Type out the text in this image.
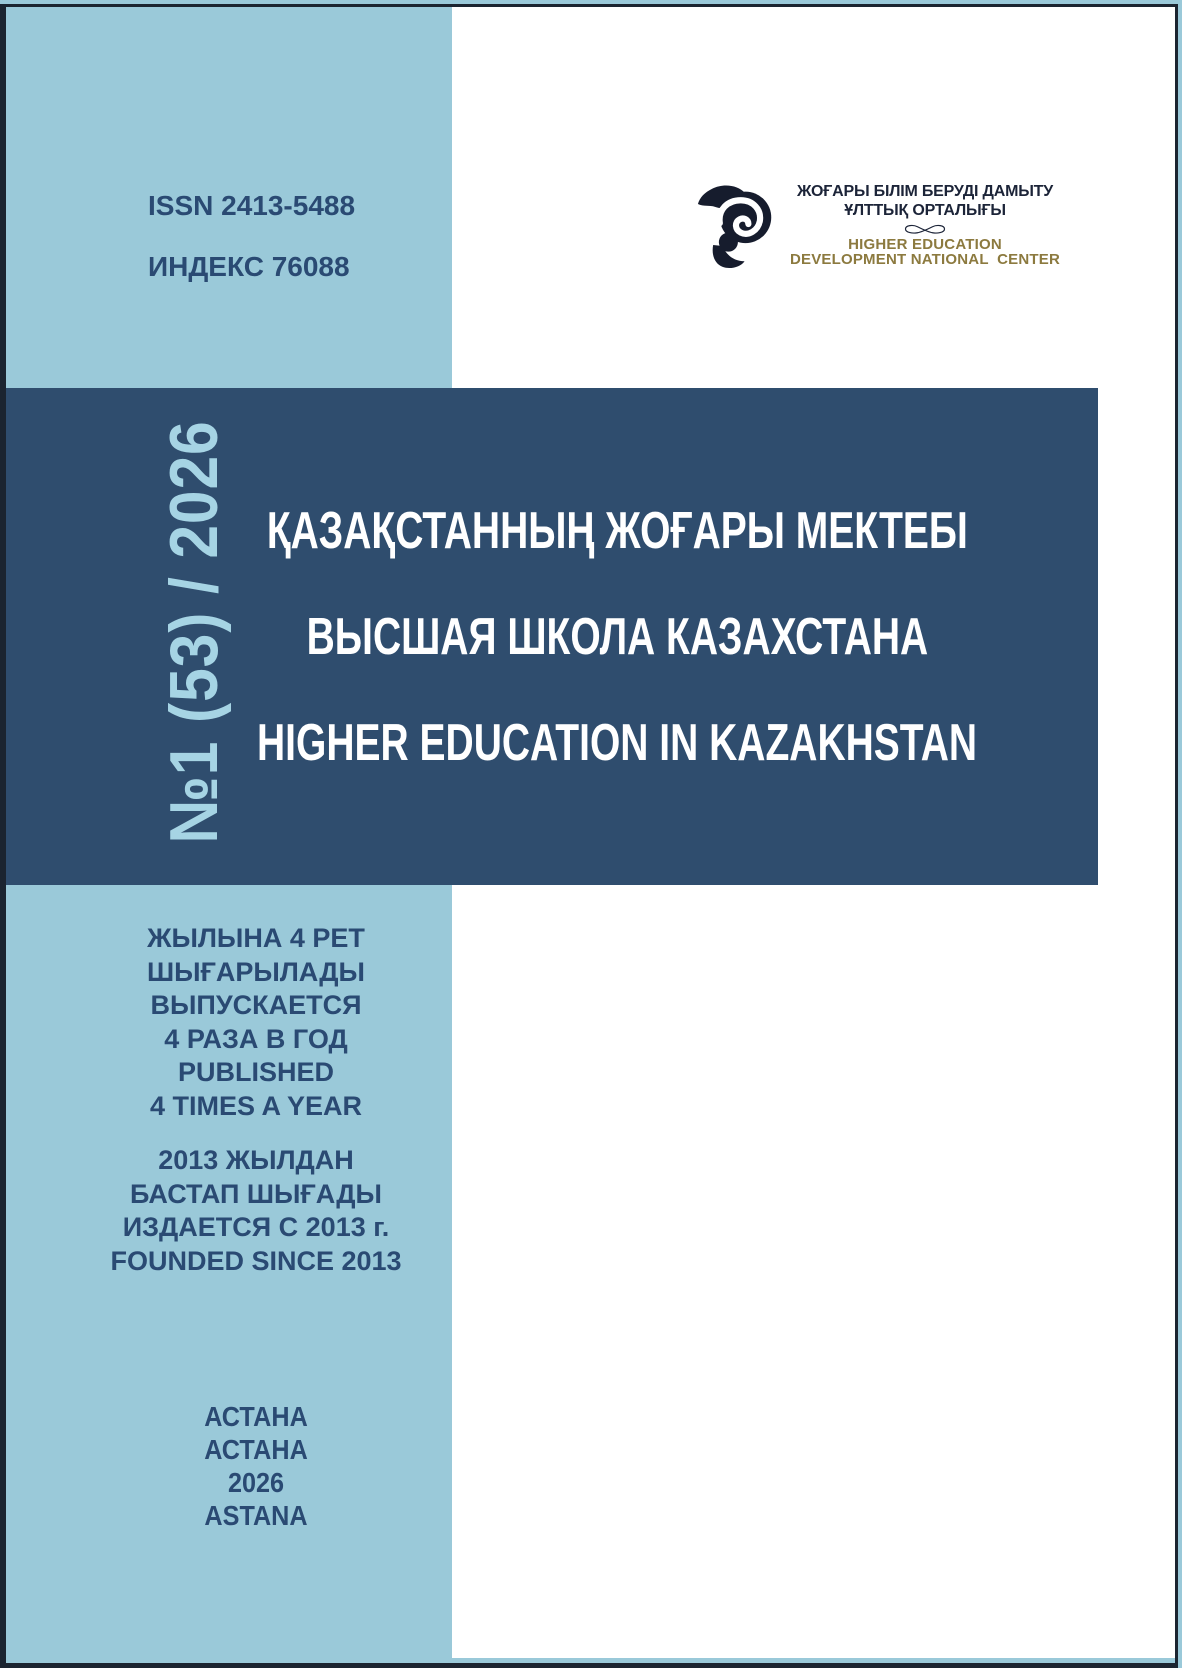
ISSN 2413-5488
ИНДЕКС 76088
ЖОҒАРЫ БІЛІМ БЕРУДІ ДАМЫТУ
ҰЛТТЫҚ ОРТАЛЫҒЫ
HIGHER EDUCATION
DEVELOPMENT NATIONAL  CENTER
№1 (53) / 2026 ҚАЗАҚСТАННЫҢ ЖОҒАРЫ МЕКТЕБІ
ВЫСШАЯ ШКОЛА КАЗАХСТАНА
HIGHER EDUCATION IN KAZAKHSTAN
ЖЫЛЫНА 4 РЕТ
ШЫҒАРЫЛАДЫ
ВЫПУСКАЕТСЯ
4 РАЗА В ГОД
PUBLISHED
4 TIMES A YEAR
2013 ЖЫЛДАН
БАСТАП ШЫҒАДЫ
ИЗДАЕТСЯ С 2013 г.
FOUNDED SINCE 2013
АСТАНА
АСТАНА
2026
ASTANA
